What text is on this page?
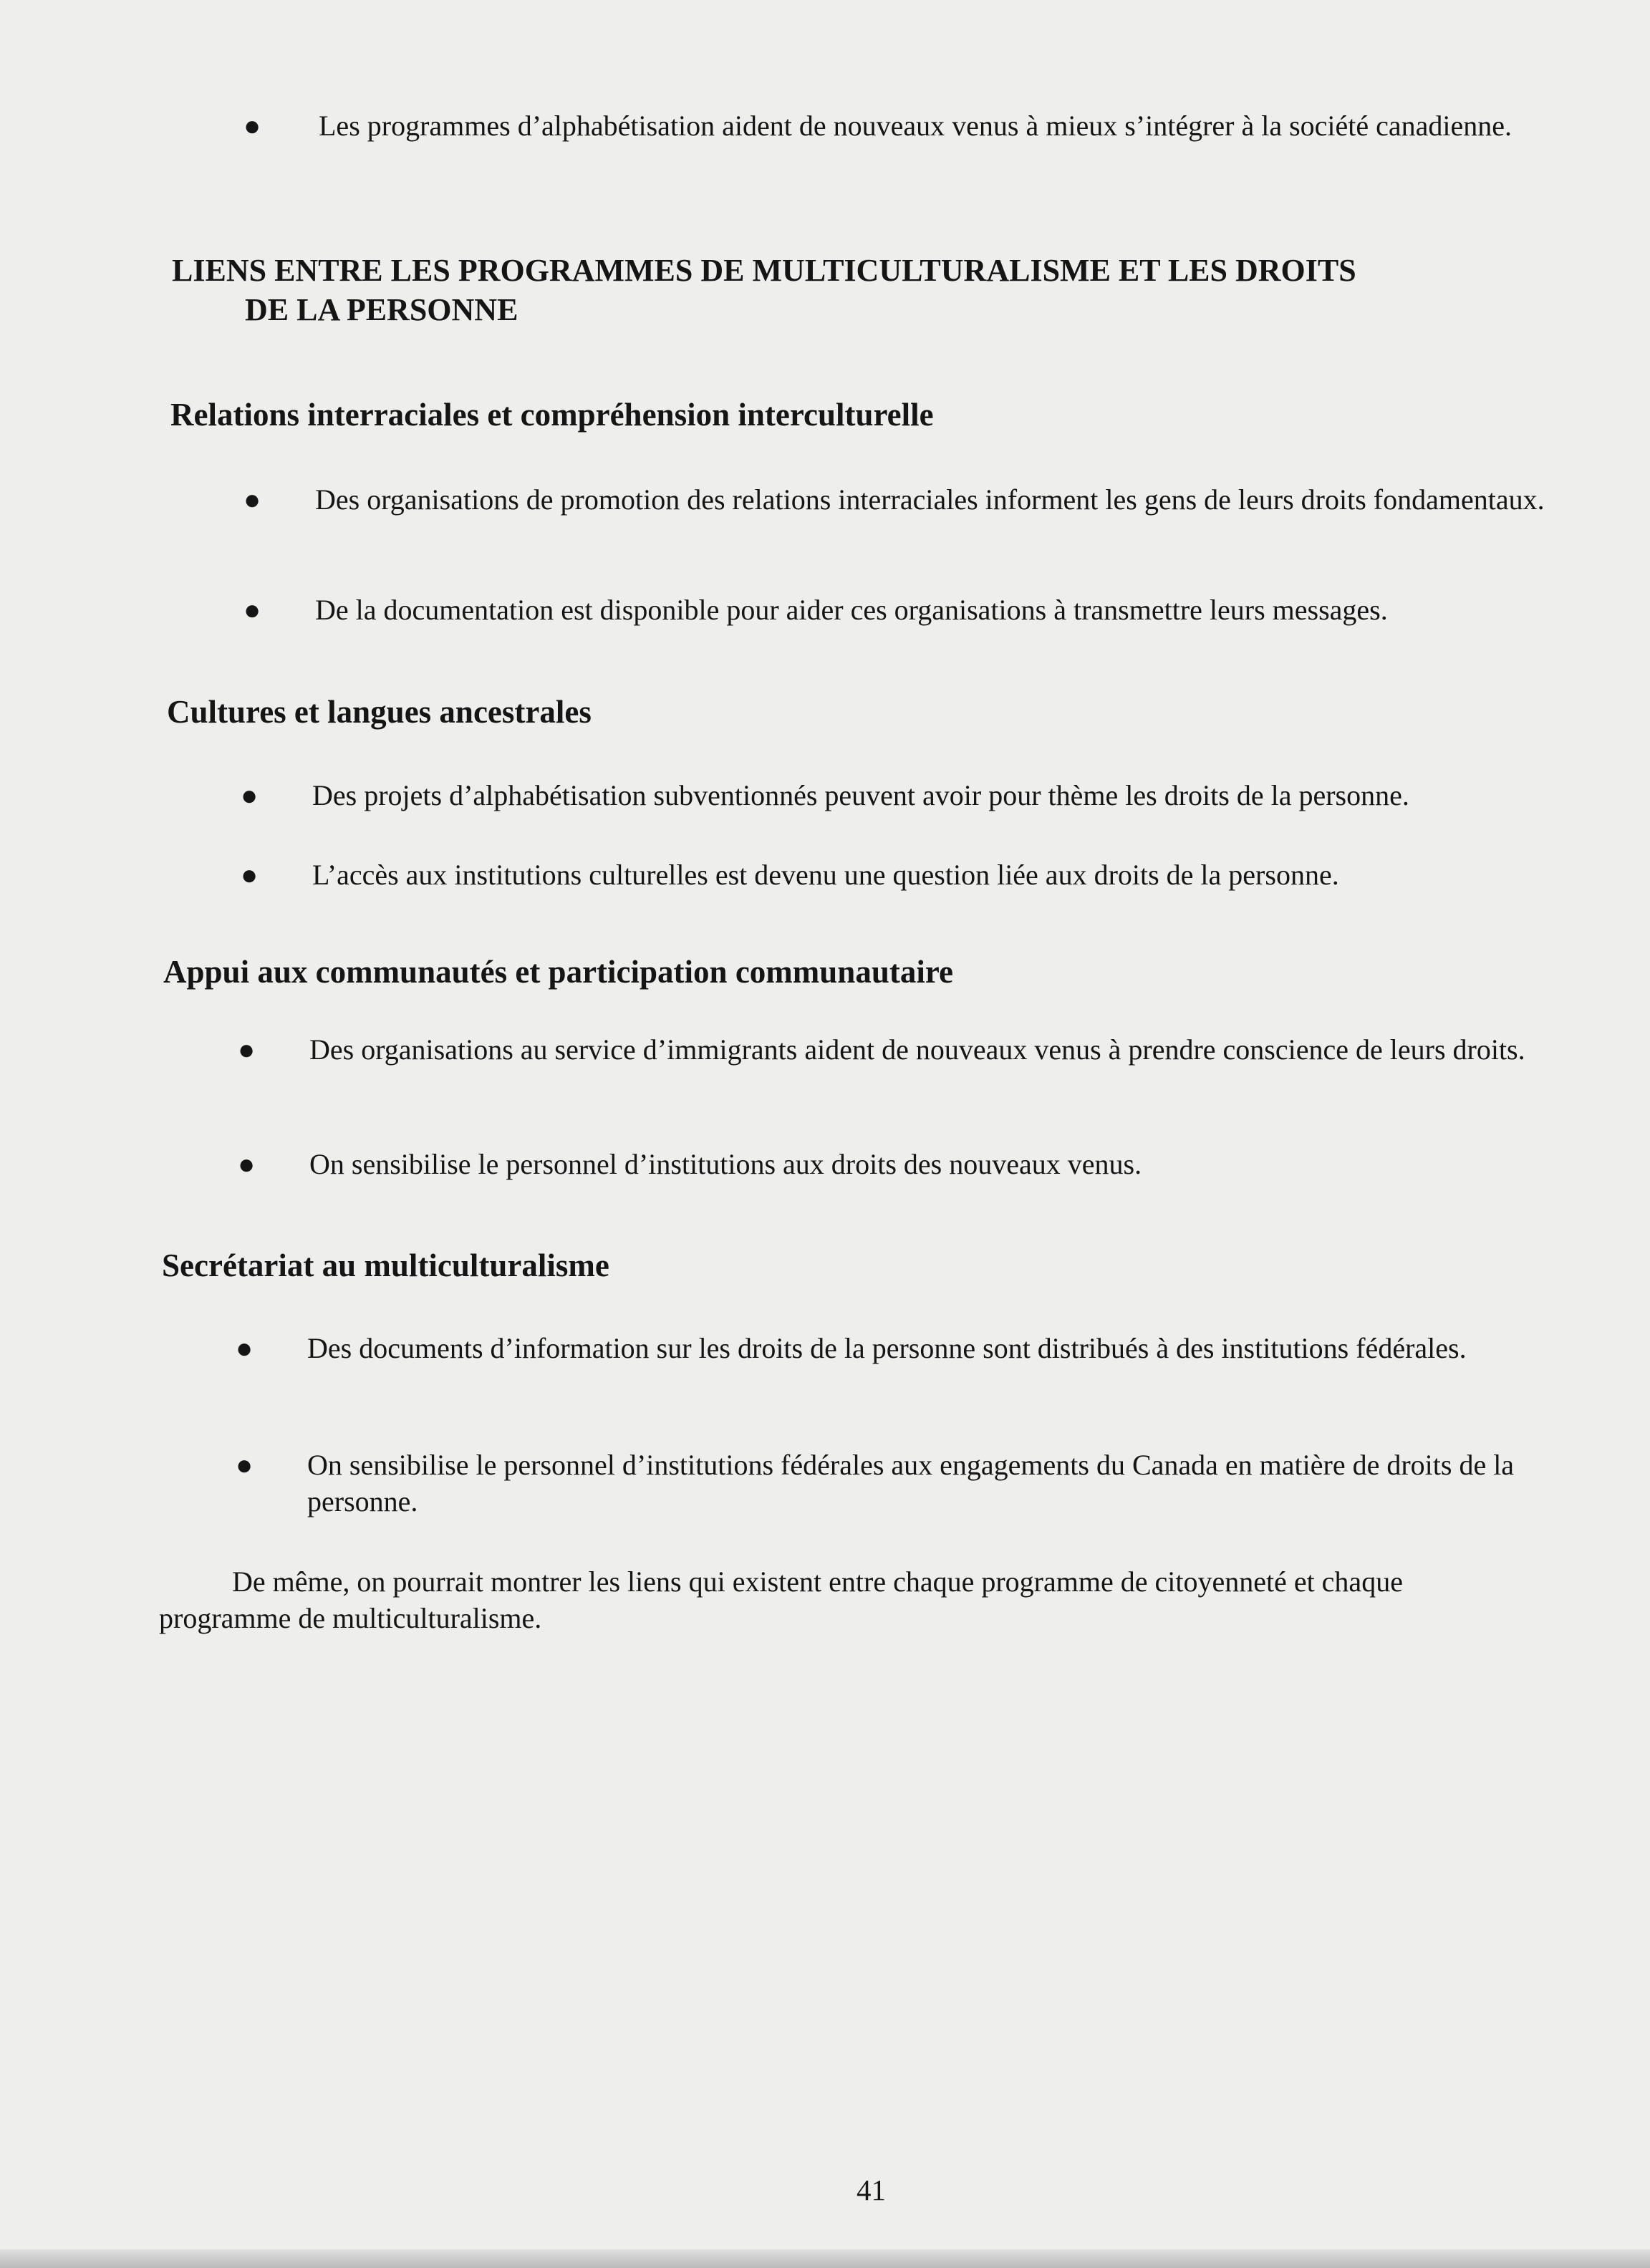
● Les programmes d’alphabétisation aident de nouveaux venus à mieux s’intégrer à la société canadienne.
LIENS ENTRE LES PROGRAMMES DE MULTICULTURALISME ET LES DROITS
DE LA PERSONNE
Relations interraciales et compréhension interculturelle
● Des organisations de promotion des relations interraciales informent les gens de leurs droits fondamentaux.
● De la documentation est disponible pour aider ces organisations à transmettre leurs messages.
Cultures et langues ancestrales
● Des projets d’alphabétisation subventionnés peuvent avoir pour thème les droits de la personne.
● L’accès aux institutions culturelles est devenu une question liée aux droits de la personne.
Appui aux communautés et participation communautaire
● Des organisations au service d’immigrants aident de nouveaux venus à prendre conscience de leurs droits.
● On sensibilise le personnel d’institutions aux droits des nouveaux venus.
Secrétariat au multiculturalisme
● Des documents d’information sur les droits de la personne sont distribués à des institutions fédérales.
● On sensibilise le personnel d’institutions fédérales aux engagements du Canada en matière de droits de la personne.
De même, on pourrait montrer les liens qui existent entre chaque programme de citoyenneté et chaque
programme de multiculturalisme.
41
